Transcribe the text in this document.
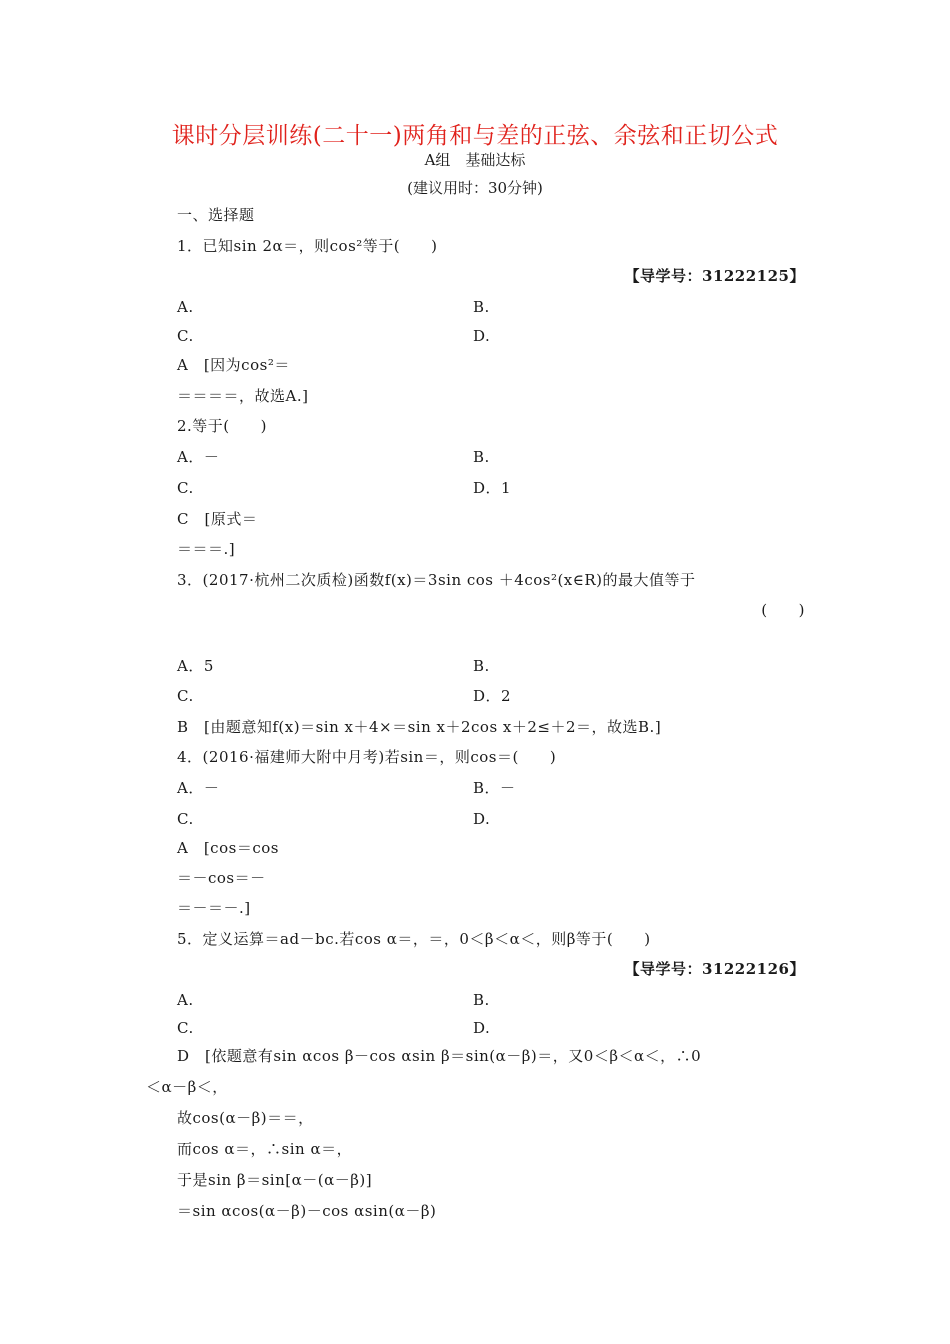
课时分层训练(二十一)两角和与差的正弦、余弦和正切公式
A组　基础达标
(建议用时：30分钟)
一、选择题
1．已知sin 2α＝，则cos²等于(　　)
【导学号：31222125】
A.	B.
C.	D.
A　[因为cos²＝
＝＝＝＝，故选A.]
2.等于(　　)
A．－	B.
C.	D．1
C　[原式＝
＝＝＝.]
3．(2017·杭州二次质检)函数f(x)＝3sin cos ＋4cos²(x∈R)的最大值等于
(　　)
A．5	B.
C.	D．2
B　[由题意知f(x)＝sin x＋4×＝sin x＋2cos x＋2≤＋2＝，故选B.]
4．(2016·福建师大附中月考)若sin＝，则cos＝(　　)
A．－	B．－
C.	D.
A　[cos＝cos
＝－cos＝－
＝－＝－.]
5．定义运算＝ad－bc.若cos α＝，＝，0＜β＜α＜，则β等于(　　)
【导学号：31222126】
A.	B.
C.	D.
D　[依题意有sin αcos β－cos αsin β＝sin(α－β)＝，又0＜β＜α＜，∴0
＜α－β＜，
故cos(α－β)＝＝，
而cos α＝，∴sin α＝，
于是sin β＝sin[α－(α－β)]
＝sin αcos(α－β)－cos αsin(α－β)
